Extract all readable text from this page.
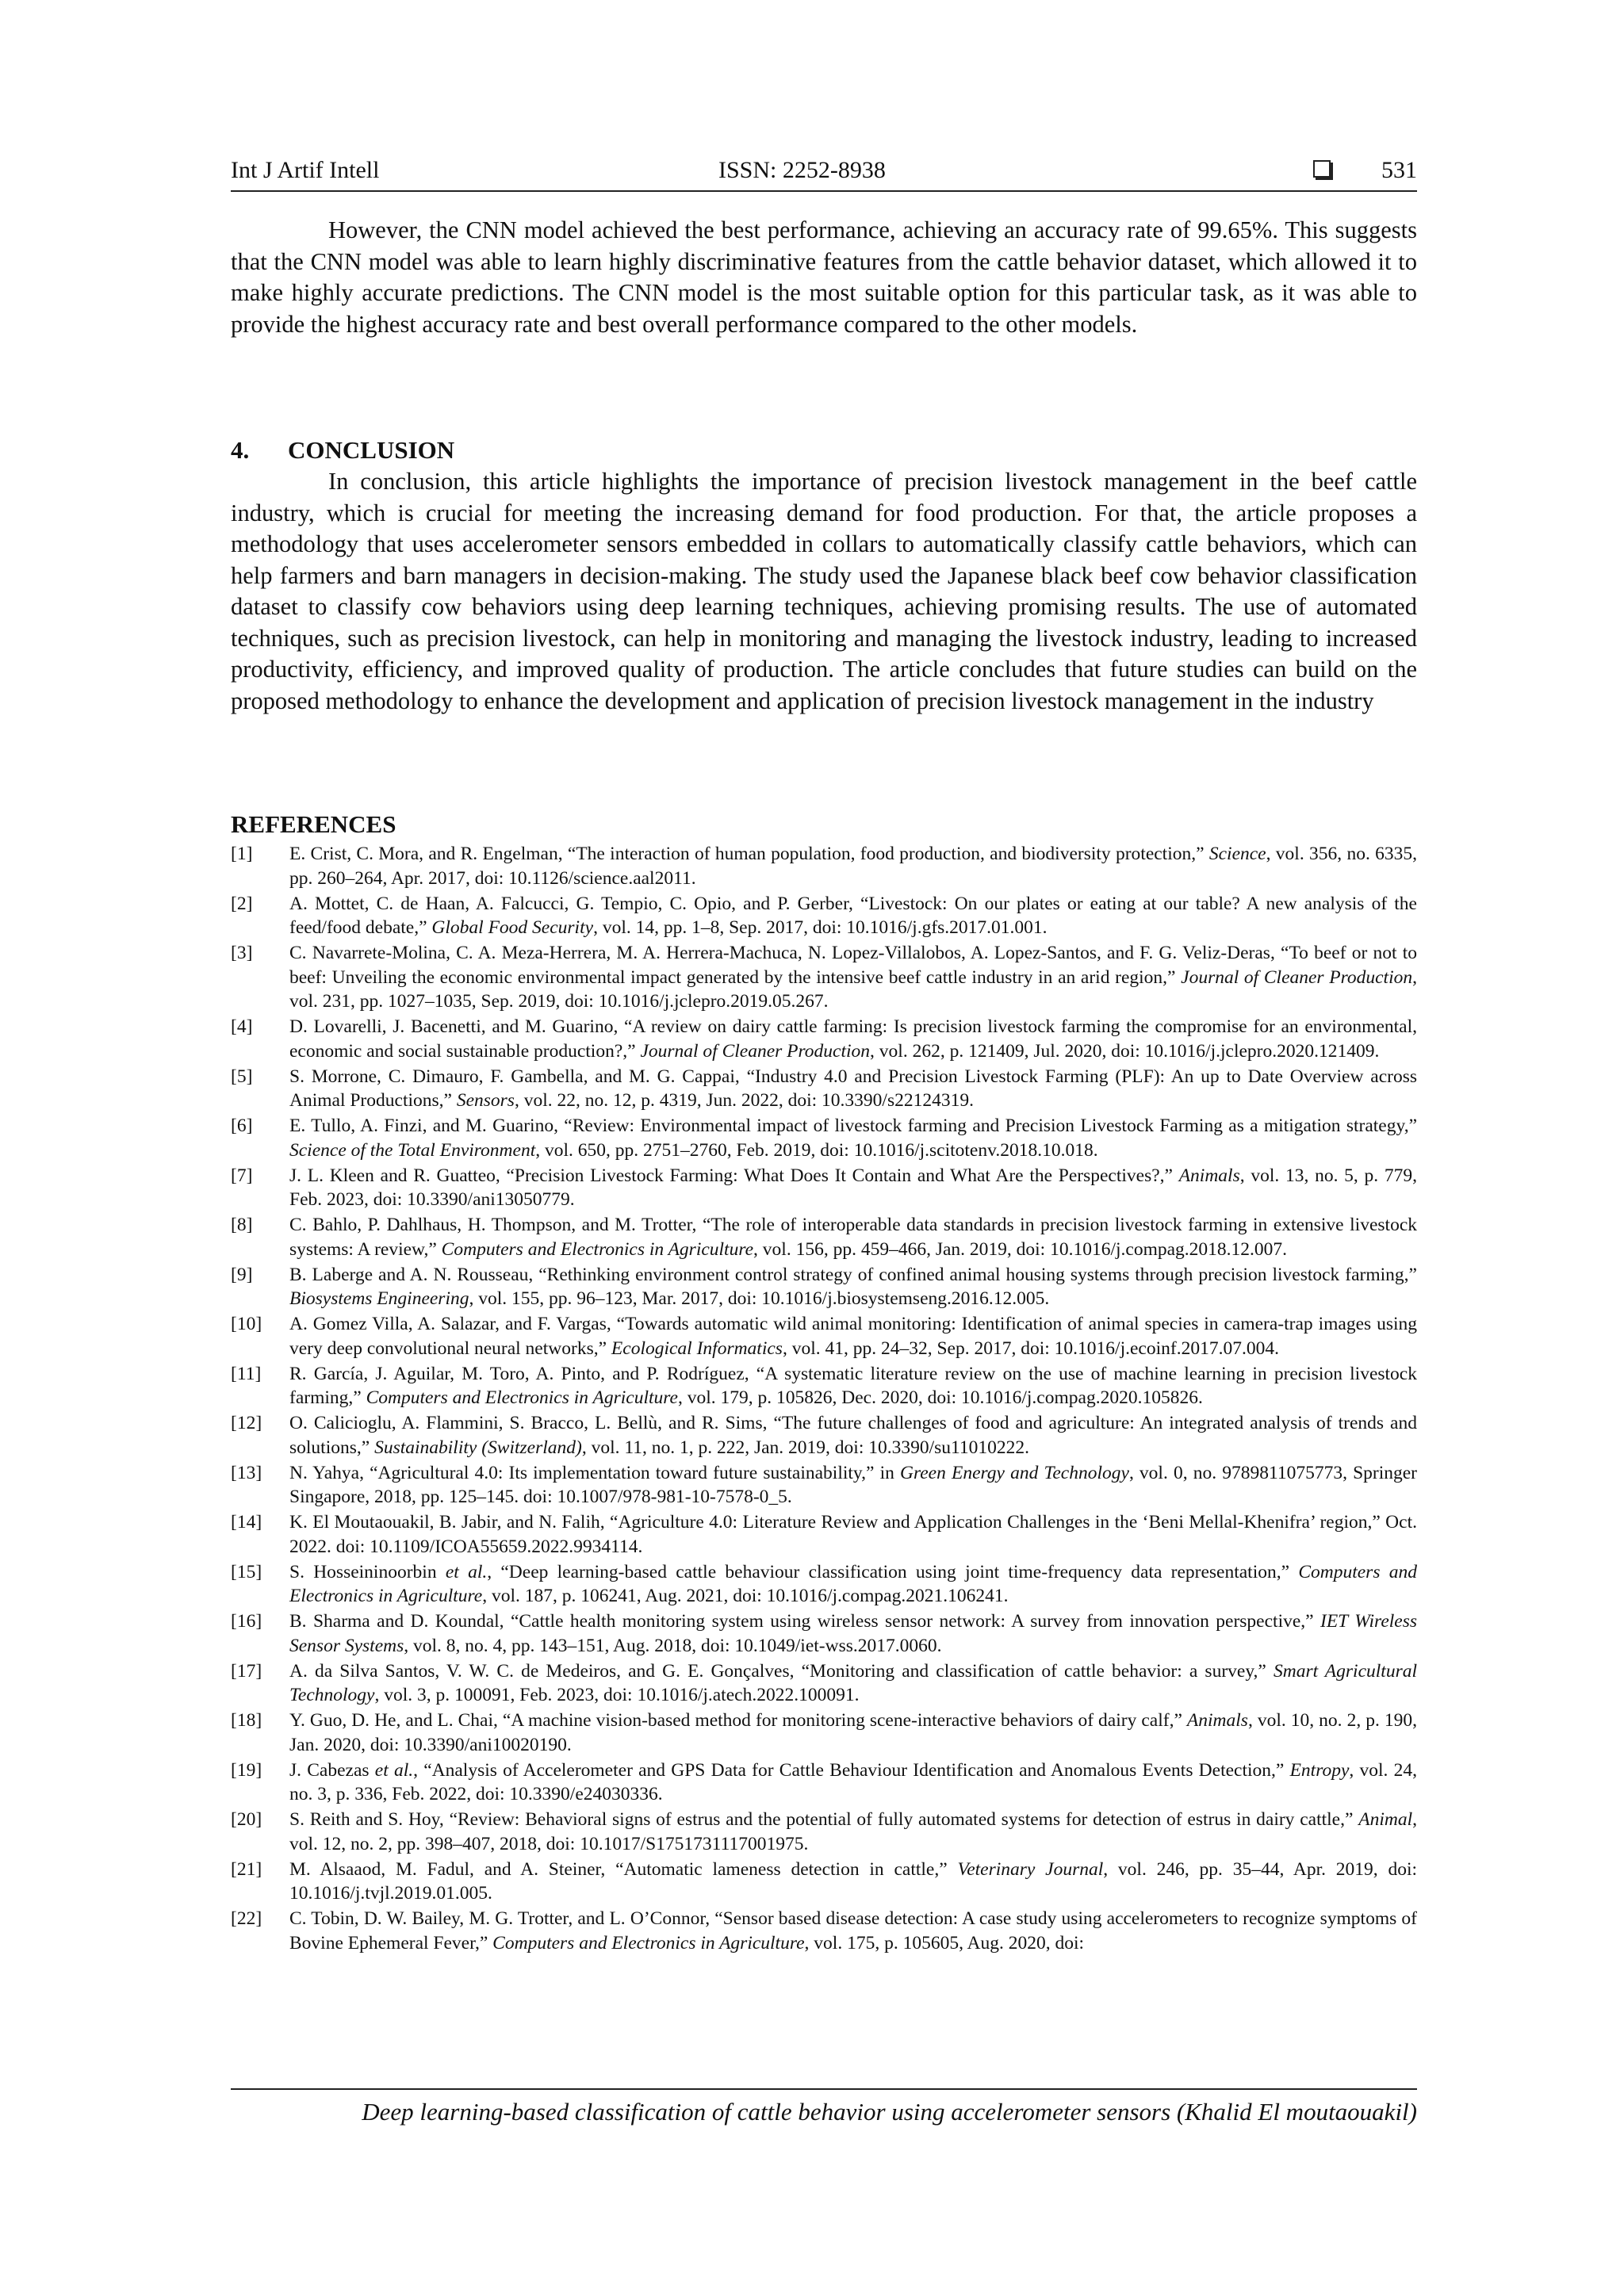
Int J Artif Intell	ISSN: 2252-8938	531

However, the CNN model achieved the best performance, achieving an accuracy rate of 99.65%. This suggests that the CNN model was able to learn highly discriminative features from the cattle behavior dataset, which allowed it to make highly accurate predictions. The CNN model is the most suitable option for this particular task, as it was able to provide the highest accuracy rate and best overall performance compared to the other models.

4. CONCLUSION

In conclusion, this article highlights the importance of precision livestock management in the beef cattle industry, which is crucial for meeting the increasing demand for food production. For that, the article proposes a methodology that uses accelerometer sensors embedded in collars to automatically classify cattle behaviors, which can help farmers and barn managers in decision-making. The study used the Japanese black beef cow behavior classification dataset to classify cow behaviors using deep learning techniques, achieving promising results. The use of automated techniques, such as precision livestock, can help in monitoring and managing the livestock industry, leading to increased productivity, efficiency, and improved quality of production. The article concludes that future studies can build on the proposed methodology to enhance the development and application of precision livestock management in the industry

REFERENCES
[1] E. Crist, C. Mora, and R. Engelman, “The interaction of human population, food production, and biodiversity protection,” Science, vol. 356, no. 6335, pp. 260–264, Apr. 2017, doi: 10.1126/science.aal2011.
[2] A. Mottet, C. de Haan, A. Falcucci, G. Tempio, C. Opio, and P. Gerber, “Livestock: On our plates or eating at our table? A new analysis of the feed/food debate,” Global Food Security, vol. 14, pp. 1–8, Sep. 2017, doi: 10.1016/j.gfs.2017.01.001.
[3] C. Navarrete-Molina, C. A. Meza-Herrera, M. A. Herrera-Machuca, N. Lopez-Villalobos, A. Lopez-Santos, and F. G. Veliz-Deras, “To beef or not to beef: Unveiling the economic environmental impact generated by the intensive beef cattle industry in an arid region,” Journal of Cleaner Production, vol. 231, pp. 1027–1035, Sep. 2019, doi: 10.1016/j.jclepro.2019.05.267.
[4] D. Lovarelli, J. Bacenetti, and M. Guarino, “A review on dairy cattle farming: Is precision livestock farming the compromise for an environmental, economic and social sustainable production?,” Journal of Cleaner Production, vol. 262, p. 121409, Jul. 2020, doi: 10.1016/j.jclepro.2020.121409.
[5] S. Morrone, C. Dimauro, F. Gambella, and M. G. Cappai, “Industry 4.0 and Precision Livestock Farming (PLF): An up to Date Overview across Animal Productions,” Sensors, vol. 22, no. 12, p. 4319, Jun. 2022, doi: 10.3390/s22124319.
[6] E. Tullo, A. Finzi, and M. Guarino, “Review: Environmental impact of livestock farming and Precision Livestock Farming as a mitigation strategy,” Science of the Total Environment, vol. 650, pp. 2751–2760, Feb. 2019, doi: 10.1016/j.scitotenv.2018.10.018.
[7] J. L. Kleen and R. Guatteo, “Precision Livestock Farming: What Does It Contain and What Are the Perspectives?,” Animals, vol. 13, no. 5, p. 779, Feb. 2023, doi: 10.3390/ani13050779.
[8] C. Bahlo, P. Dahlhaus, H. Thompson, and M. Trotter, “The role of interoperable data standards in precision livestock farming in extensive livestock systems: A review,” Computers and Electronics in Agriculture, vol. 156, pp. 459–466, Jan. 2019, doi: 10.1016/j.compag.2018.12.007.
[9] B. Laberge and A. N. Rousseau, “Rethinking environment control strategy of confined animal housing systems through precision livestock farming,” Biosystems Engineering, vol. 155, pp. 96–123, Mar. 2017, doi: 10.1016/j.biosystemseng.2016.12.005.
[10] A. Gomez Villa, A. Salazar, and F. Vargas, “Towards automatic wild animal monitoring: Identification of animal species in camera-trap images using very deep convolutional neural networks,” Ecological Informatics, vol. 41, pp. 24–32, Sep. 2017, doi: 10.1016/j.ecoinf.2017.07.004.
[11] R. García, J. Aguilar, M. Toro, A. Pinto, and P. Rodríguez, “A systematic literature review on the use of machine learning in precision livestock farming,” Computers and Electronics in Agriculture, vol. 179, p. 105826, Dec. 2020, doi: 10.1016/j.compag.2020.105826.
[12] O. Calicioglu, A. Flammini, S. Bracco, L. Bellù, and R. Sims, “The future challenges of food and agriculture: An integrated analysis of trends and solutions,” Sustainability (Switzerland), vol. 11, no. 1, p. 222, Jan. 2019, doi: 10.3390/su11010222.
[13] N. Yahya, “Agricultural 4.0: Its implementation toward future sustainability,” in Green Energy and Technology, vol. 0, no. 9789811075773, Springer Singapore, 2018, pp. 125–145. doi: 10.1007/978-981-10-7578-0_5.
[14] K. El Moutaouakil, B. Jabir, and N. Falih, “Agriculture 4.0: Literature Review and Application Challenges in the ‘Beni Mellal-Khenifra’ region,” Oct. 2022. doi: 10.1109/ICOA55659.2022.9934114.
[15] S. Hosseininoorbin et al., “Deep learning-based cattle behaviour classification using joint time-frequency data representation,” Computers and Electronics in Agriculture, vol. 187, p. 106241, Aug. 2021, doi: 10.1016/j.compag.2021.106241.
[16] B. Sharma and D. Koundal, “Cattle health monitoring system using wireless sensor network: A survey from innovation perspective,” IET Wireless Sensor Systems, vol. 8, no. 4, pp. 143–151, Aug. 2018, doi: 10.1049/iet-wss.2017.0060.
[17] A. da Silva Santos, V. W. C. de Medeiros, and G. E. Gonçalves, “Monitoring and classification of cattle behavior: a survey,” Smart Agricultural Technology, vol. 3, p. 100091, Feb. 2023, doi: 10.1016/j.atech.2022.100091.
[18] Y. Guo, D. He, and L. Chai, “A machine vision-based method for monitoring scene-interactive behaviors of dairy calf,” Animals, vol. 10, no. 2, p. 190, Jan. 2020, doi: 10.3390/ani10020190.
[19] J. Cabezas et al., “Analysis of Accelerometer and GPS Data for Cattle Behaviour Identification and Anomalous Events Detection,” Entropy, vol. 24, no. 3, p. 336, Feb. 2022, doi: 10.3390/e24030336.
[20] S. Reith and S. Hoy, “Review: Behavioral signs of estrus and the potential of fully automated systems for detection of estrus in dairy cattle,” Animal, vol. 12, no. 2, pp. 398–407, 2018, doi: 10.1017/S1751731117001975.
[21] M. Alsaaod, M. Fadul, and A. Steiner, “Automatic lameness detection in cattle,” Veterinary Journal, vol. 246, pp. 35–44, Apr. 2019, doi: 10.1016/j.tvjl.2019.01.005.
[22] C. Tobin, D. W. Bailey, M. G. Trotter, and L. O’Connor, “Sensor based disease detection: A case study using accelerometers to recognize symptoms of Bovine Ephemeral Fever,” Computers and Electronics in Agriculture, vol. 175, p. 105605, Aug. 2020, doi:
Deep learning-based classification of cattle behavior using accelerometer sensors (Khalid El moutaouakil)
